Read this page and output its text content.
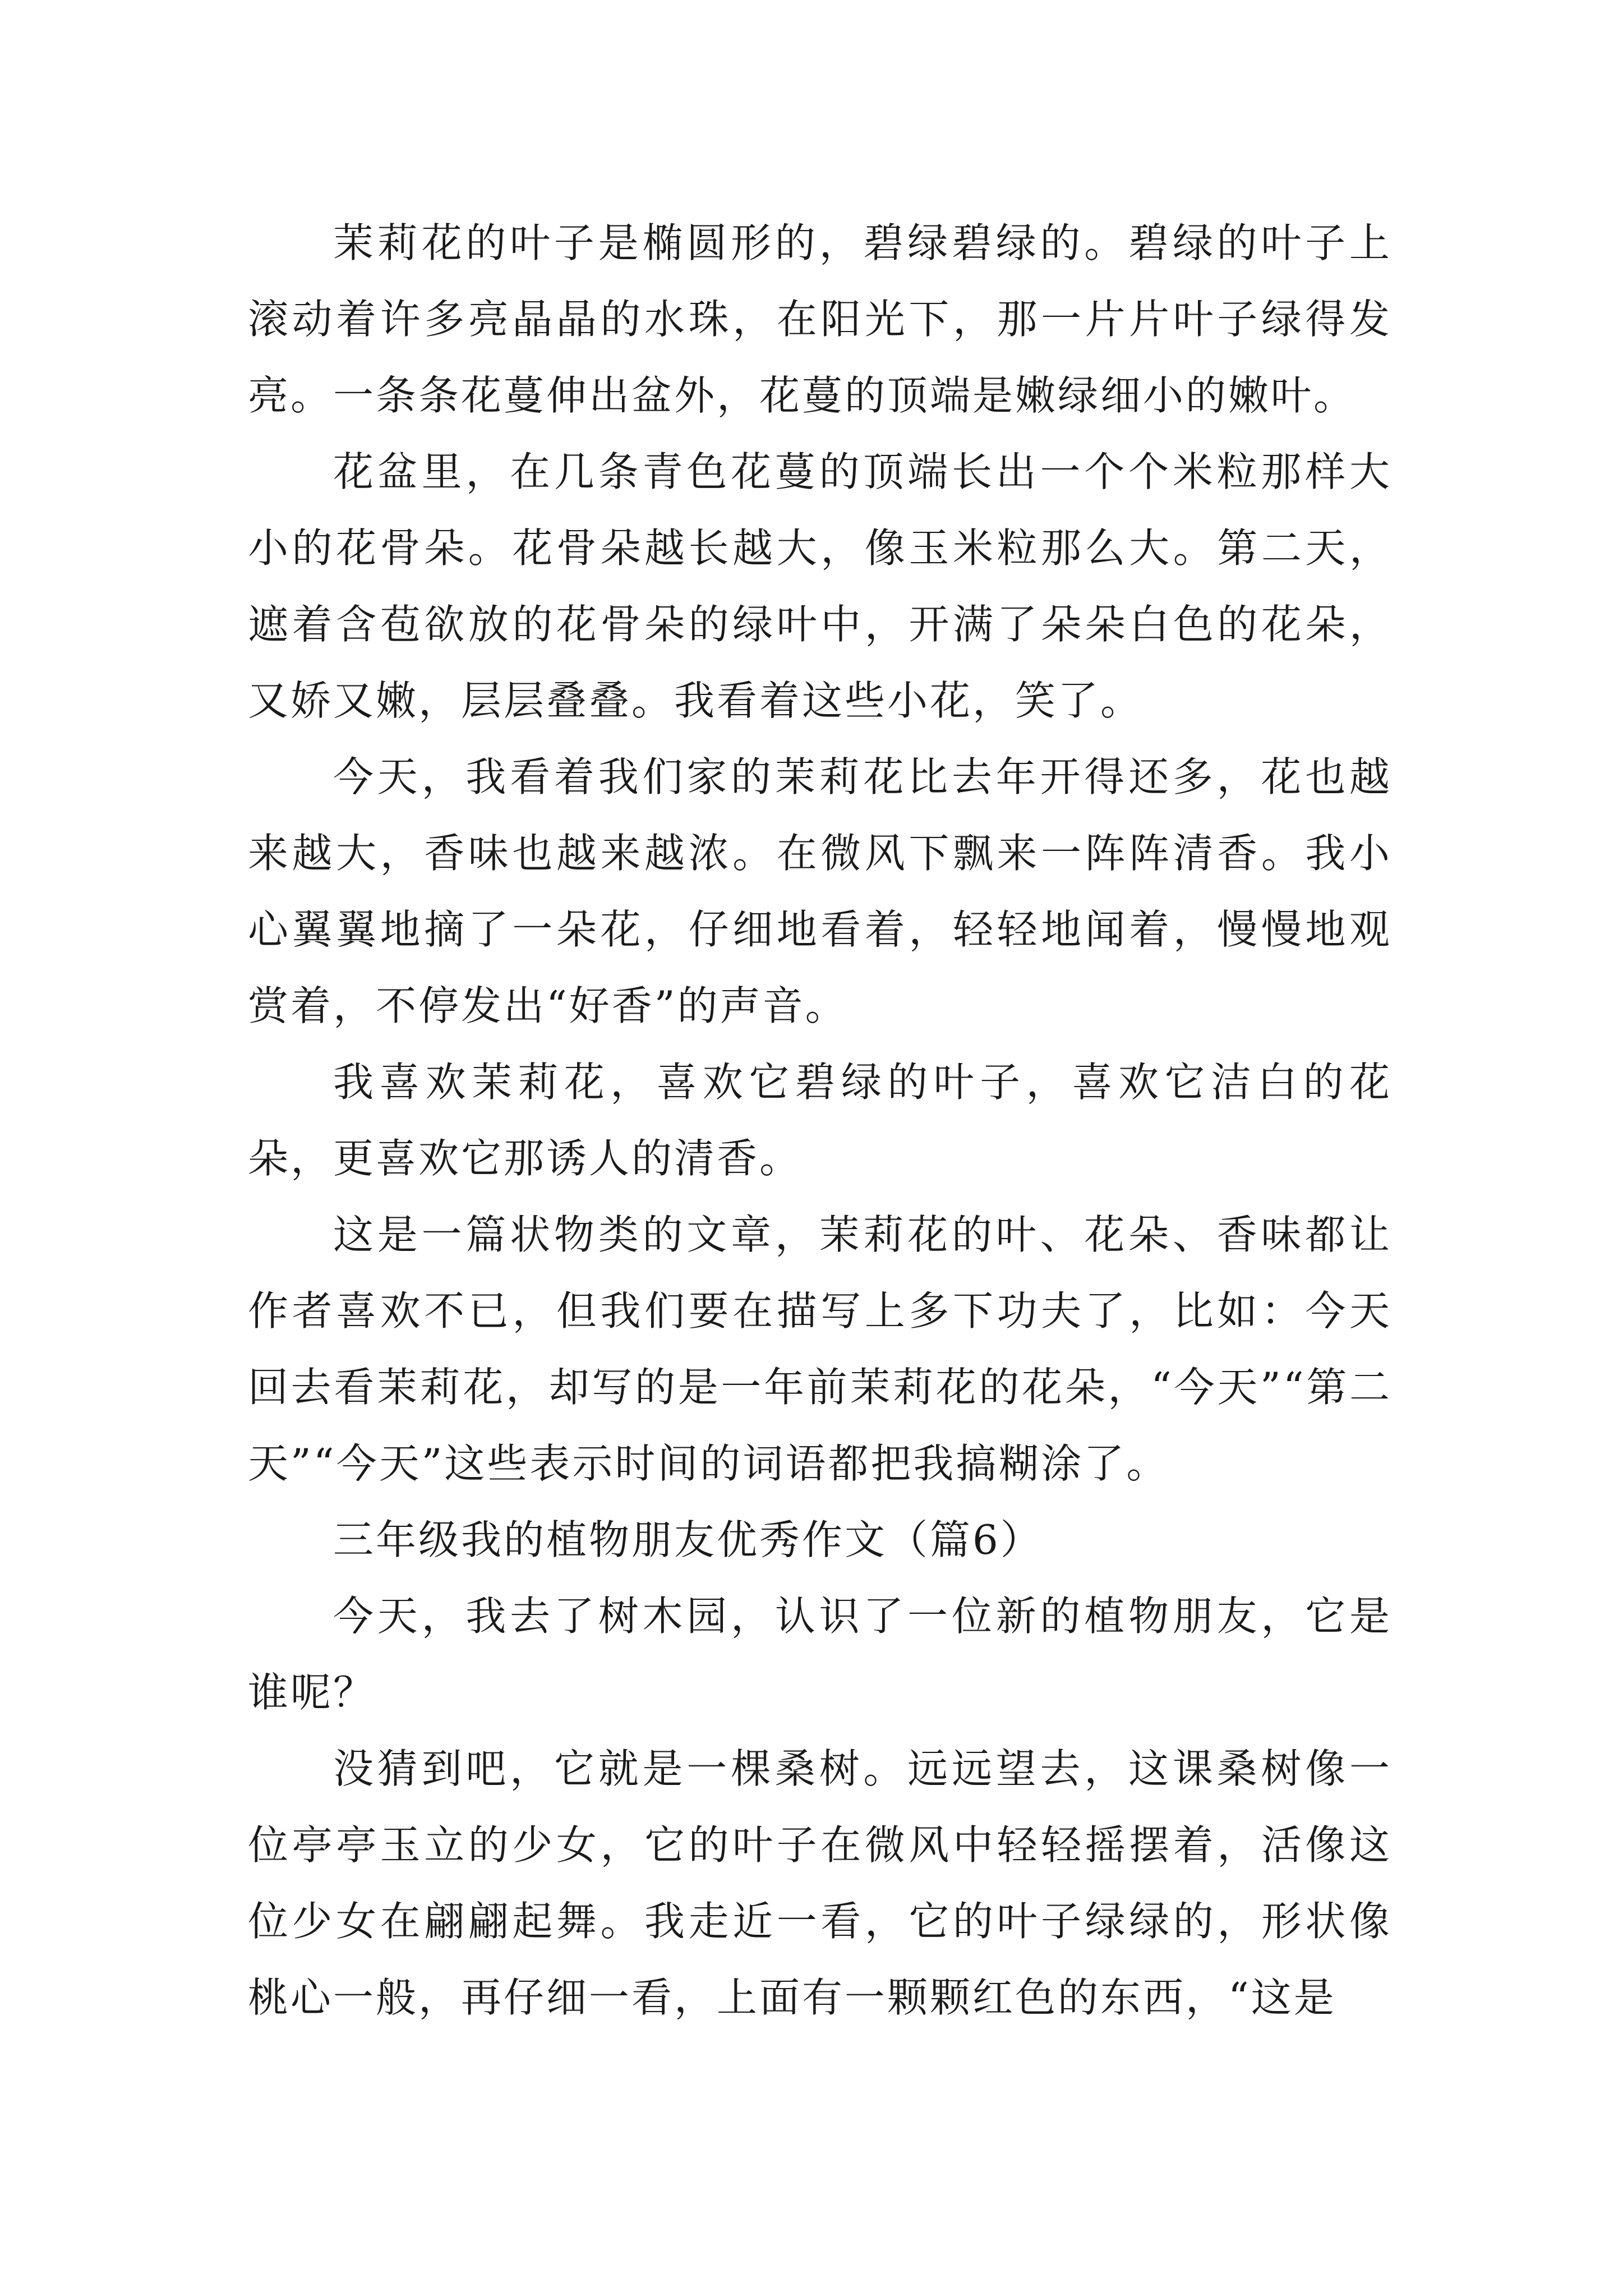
茉莉花的叶子是椭圆形的，碧绿碧绿的。碧绿的叶子上滚动着许多亮晶晶的水珠，在阳光下，那一片片叶子绿得发亮。一条条花蔓伸出盆外，花蔓的顶端是嫩绿细小的嫩叶。

花盆里，在几条青色花蔓的顶端长出一个个米粒那样大小的花骨朵。花骨朵越长越大，像玉米粒那么大。第二天，遮着含苞欲放的花骨朵的绿叶中，开满了朵朵白色的花朵，又娇又嫩，层层叠叠。我看着这些小花，笑了。

今天，我看着我们家的茉莉花比去年开得还多，花也越来越大，香味也越来越浓。在微风下飘来一阵阵清香。我小心翼翼地摘了一朵花，仔细地看着，轻轻地闻着，慢慢地观赏着，不停发出“好香”的声音。

我喜欢茉莉花，喜欢它碧绿的叶子，喜欢它洁白的花朵，更喜欢它那诱人的清香。

这是一篇状物类的文章，茉莉花的叶、花朵、香味都让作者喜欢不已，但我们要在描写上多下功夫了，比如：今天回去看茉莉花，却写的是一年前茉莉花的花朵，“今天”“第二天”“今天”这些表示时间的词语都把我搞糊涂了。

三年级我的植物朋友优秀作文（篇6）

今天，我去了树木园，认识了一位新的植物朋友，它是谁呢？

没猜到吧，它就是一棵桑树。远远望去，这课桑树像一位亭亭玉立的少女，它的叶子在微风中轻轻摇摆着，活像这位少女在翩翩起舞。我走近一看，它的叶子绿绿的，形状像桃心一般，再仔细一看，上面有一颗颗红色的东西，“这是
